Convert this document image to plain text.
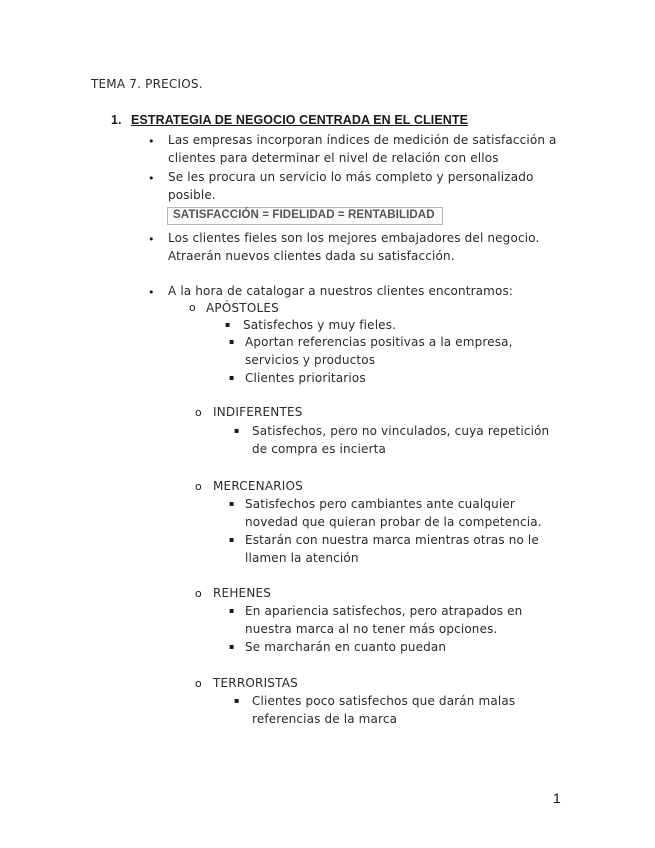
TEMA 7. PRECIOS.
1. ESTRATEGIA DE NEGOCIO CENTRADA EN EL CLIENTE
• Las empresas incorporan índices de medición de satisfacción a
clientes para determinar el nivel de relación con ellos
• Se les procura un servicio lo más completo y personalizado
posible.
SATISFACCIÓN = FIDELIDAD = RENTABILIDAD
• Los clientes fieles son los mejores embajadores del negocio.
Atraerán nuevos clientes dada su satisfacción.
• A la hora de catalogar a nuestros clientes encontramos:
o APÓSTOLES
▪ Satisfechos y muy fieles.
▪ Aportan referencias positivas a la empresa,
servicios y productos
▪ Clientes prioritarios
o INDIFERENTES
▪ Satisfechos, pero no vinculados, cuya repetición
de compra es incierta
o MERCENARIOS
▪ Satisfechos pero cambiantes ante cualquier
novedad que quieran probar de la competencia.
▪ Estarán con nuestra marca mientras otras no le
llamen la atención
o REHENES
▪ En apariencia satisfechos, pero atrapados en
nuestra marca al no tener más opciones.
▪ Se marcharán en cuanto puedan
o TERRORISTAS
▪ Clientes poco satisfechos que darán malas
referencias de la marca
1
